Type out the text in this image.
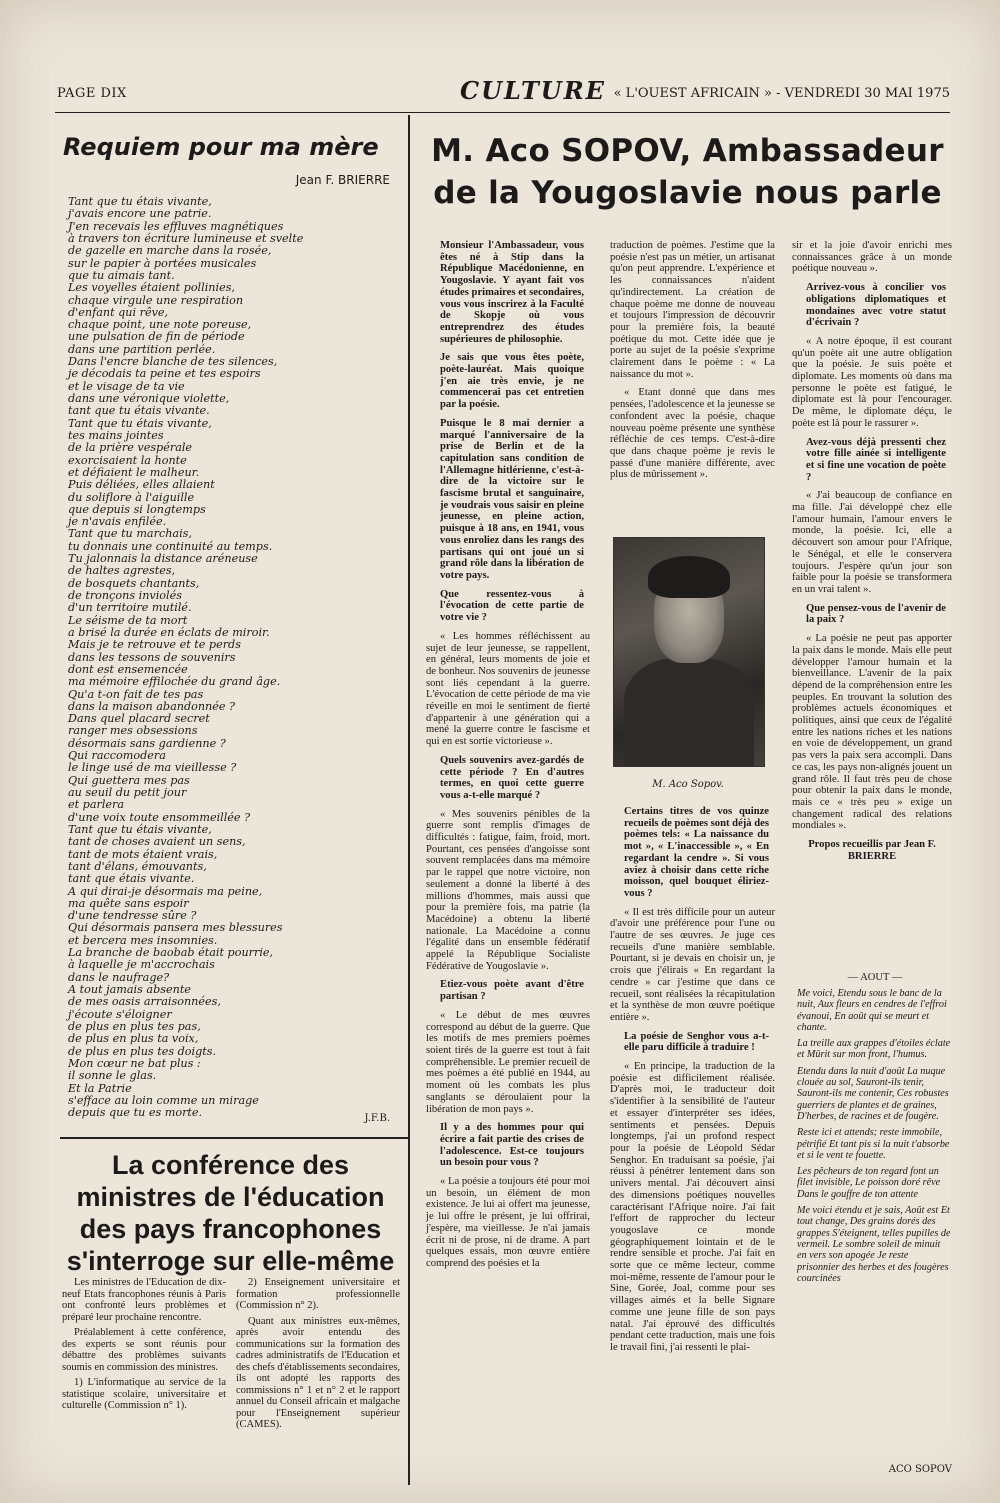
PAGE DIX	CULTURE « L'OUEST AFRICAIN » - VENDREDI 30 MAI 1975
Requiem pour ma mère
Jean F. BRIERRE
Tant que tu étais vivante,
j'avais encore une patrie.
J'en recevais les effluves magnétiques
à travers ton écriture lumineuse et svelte
de gazelle en marche dans la rosée,
sur le papier à portées musicales
que tu aimais tant.
Les voyelles étaient pollinies,
chaque virgule une respiration
d'enfant qui rêve,
chaque point, une note poreuse,
une pulsation de fin de période
dans une partition perlée.
Dans l'encre blanche de tes silences,
je décodais ta peine et tes espoirs
et le visage de ta vie
dans une véronique violette,
tant que tu étais vivante.
Tant que tu étais vivante,
tes mains jointes
de la prière vespérale
exorcisaient la honte
et défiaient le malheur.
Puis déliées, elles allaient
du soliflore à l'aiguille
que depuis si longtemps
je n'avais enfilée.
Tant que tu marchais,
tu donnais une continuité au temps.
Tu jalonnais la distance aréneuse
de haltes agrestes,
de bosquets chantants,
de tronçons inviolés
d'un territoire mutilé.
Le séisme de ta mort
a brisé la durée en éclats de miroir.
Mais je te retrouve et te perds
dans les tessons de souvenirs
dont est ensemencée
ma mémoire effilochée du grand âge.
Qu'a t-on fait de tes pas
dans la maison abandonnée ?
Dans quel placard secret
ranger mes obsessions
désormais sans gardienne ?
Qui raccomodera
le linge usé de ma vieillesse ?
Qui guettera mes pas
au seuil du petit jour
et parlera
d'une voix toute ensommeillée ?
Tant que tu étais vivante,
tant de choses avaient un sens,
tant de mots étaient vrais,
tant d'élans, émouvants,
tant que étais vivante.
A qui dirai-je désormais ma peine,
ma quête sans espoir
d'une tendresse sûre ?
Qui désormais pansera mes blessures
et bercera mes insomnies.
La branche de baobab était pourrie,
à laquelle je m'accrochais
dans le naufrage?
A tout jamais absente
de mes oasis arraisonnées,
j'écoute s'éloigner
de plus en plus tes pas,
de plus en plus ta voix,
de plus en plus tes doigts.
Mon cœur ne bat plus :
il sonne le glas.
Et la Patrie
s'efface au loin comme un mirage
depuis que tu es morte.	J.F.B.
La conférence des ministres de l'éducation des pays francophones s'interroge sur elle-même

Les ministres de l'Education de dix-neuf Etats francophones réunis à Paris ont confronté leurs problèmes et préparé leur prochaine rencontre.

Préalablement à cette conférence, des experts se sont réunis pour débattre des problèmes suivants soumis en commission des ministres.

1) L'informatique au service de la statistique scolaire, universitaire et culturelle (Commission n° 1).

2) Enseignement universitaire et formation professionnelle (Commission n° 2).

Quant aux ministres eux-mêmes, après avoir entendu des communications sur la formation des cadres administratifs de l'Education et des chefs d'établissements secondaires, ils ont adopté les rapports des commissions n° 1 et n° 2 et le rapport annuel du Conseil africain et malgache pour l'Enseignement supérieur (CAMES).

M. Aco SOPOV, Ambassadeur de la Yougoslavie nous parle

Monsieur l'Ambassadeur, vous êtes né à Stip dans la République Macédonienne, en Yougoslavie. Y ayant fait vos études primaires et secondaires, vous vous inscrirez à la Faculté de Skopje où vous entreprendrez des études supérieures de philosophie.

Je sais que vous êtes poète, poète-lauréat. Mais quoique j'en aie très envie, je ne commencerai pas cet entretien par la poésie.

Puisque le 8 mai dernier a marqué l'anniversaire de la prise de Berlin et de la capitulation sans condition de l'Allemagne hitlérienne, c'est-à-dire de la victoire sur le fascisme brutal et sanguinaire, je voudrais vous saisir en pleine jeunesse, en pleine action, puisque à 18 ans, en 1941, vous vous enroliez dans les rangs des partisans qui ont joué un si grand rôle dans la libération de votre pays.

Que ressentez-vous à l'évocation de cette partie de votre vie ?

« Les hommes réfléchissent au sujet de leur jeunesse, se rappellent, en général, leurs moments de joie et de bonheur. Nos souvenirs de jeunesse sont liés cependant à la guerre. L'évocation de cette période de ma vie réveille en moi le sentiment de fierté d'appartenir à une génération qui a mené la guerre contre le fascisme et qui en est sortie victorieuse ».

Quels souvenirs avez-gardés de cette période ? En d'autres termes, en quoi cette guerre vous a-t-elle marqué ?

« Mes souvenirs pénibles de la guerre sont remplis d'images de difficultés : fatigue, faim, froid, mort. Pourtant, ces pensées d'angoisse sont souvent remplacées dans ma mémoire par le rappel que notre victoire, non seulement a donné la liberté à des millions d'hommes, mais aussi que pour la première fois, ma patrie (la Macédoine) a obtenu la liberté nationale. La Macédoine a connu l'égalité dans un ensemble fédératif appelé la République Socialiste Fédérative de Yougoslavie ».

Etiez-vous poète avant d'être partisan ?

« Le début de mes œuvres correspond au début de la guerre. Que les motifs de mes premiers poèmes soient tirés de la guerre est tout à fait compréhensible. Le premier recueil de mes poèmes a été publié en 1944, au moment où les combats les plus sanglants se déroulaient pour la libération de mon pays ».

Il y a des hommes pour qui écrire a fait partie des crises de l'adolescence. Est-ce toujours un besoin pour vous ?

« La poésie a toujours été pour moi un besoin, un élément de mon existence. Je lui ai offert ma jeunesse, je lui offre le présent, je lui offrirai, j'espère, ma vieillesse. Je n'ai jamais écrit ni de prose, ni de drame. A part quelques essais, mon œuvre entière comprend des poésies et la

traduction de poèmes. J'estime que la poésie n'est pas un métier, un artisanat qu'on peut apprendre. L'expérience et les connaissances n'aident qu'indirectement. La création de chaque poème me donne de nouveau et toujours l'impression de découvrir pour la première fois, la beauté poétique du mot. Cette idée que je porte au sujet de la poésie s'exprime clairement dans le poème : « La naissance du mot ».

« Etant donné que dans mes pensées, l'adolescence et la jeunesse se confondent avec la poésie, chaque nouveau poème présente une synthèse réfléchie de ces temps. C'est-à-dire que dans chaque poème je revis le passé d'une manière différente, avec plus de mûrissement ».

M. Aco Sopov.

Certains titres de vos quinze recueils de poèmes sont déjà des poèmes tels: « La naissance du mot », « L'inaccessible », « En regardant la cendre ». Si vous aviez à choisir dans cette riche moisson, quel bouquet éliriez-vous ?

« Il est très difficile pour un auteur d'avoir une préférence pour l'une ou l'autre de ses œuvres. Je juge ces recueils d'une manière semblable. Pourtant, si je devais en choisir un, je crois que j'élirais « En regardant la cendre » car j'estime que dans ce recueil, sont réalisées la récapitulation et la synthèse de mon œuvre poétique entière ».

La poésie de Senghor vous a-t-elle paru difficile à traduire !

« En principe, la traduction de la poésie est difficilement réalisée. D'après moi, le traducteur doit s'identifier à la sensibilité de l'auteur et essayer d'interpréter ses idées, sentiments et pensées. Depuis longtemps, j'ai un profond respect pour la poésie de Léopold Sédar Senghor. En traduisant sa poésie, j'ai réussi à pénétrer lentement dans son univers mental. J'ai découvert ainsi des dimensions poétiques nouvelles caractérisant l'Afrique noire. J'ai fait l'effort de rapprocher du lecteur yougoslave ce monde géographiquement lointain et de le rendre sensible et proche. J'ai fait en sorte que ce même lecteur, comme moi-même, ressente de l'amour pour le Sine, Gorée, Joal, comme pour ses villages aimés et la belle Signare comme une jeune fille de son pays natal. J'ai éprouvé des difficultés pendant cette traduction, mais une fois le travail fini, j'ai ressenti le plai-

sir et la joie d'avoir enrichi mes connaissances grâce à un monde poétique nouveau ».

Arrivez-vous à concilier vos obligations diplomatiques et mondaines avec votre statut d'écrivain ?

« A notre époque, il est courant qu'un poète ait une autre obligation que la poésie. Je suis poète et diplomate. Les moments où dans ma personne le poète est fatigué, le diplomate est là pour l'encourager. De même, le diplomate déçu, le poète est là pour le rassurer ».

Avez-vous déjà pressenti chez votre fille ainée si intelligente et si fine une vocation de poète ?

« J'ai beaucoup de confiance en ma fille. J'ai développé chez elle l'amour humain, l'amour envers le monde, la poésie. Ici, elle a découvert son amour pour l'Afrique, le Sénégal, et elle le conservera toujours. J'espère qu'un jour son faible pour la poésie se transformera en un vrai talent ».

Que pensez-vous de l'avenir de la paix ?

« La poésie ne peut pas apporter la paix dans le monde. Mais elle peut développer l'amour humain et la bienveillance. L'avenir de la paix dépend de la compréhension entre les peuples. En trouvant la solution des problèmes actuels économiques et politiques, ainsi que ceux de l'égalité entre les nations riches et les nations en voie de développement, un grand pas vers la paix sera accompli. Dans ce cas, les pays non-alignés jouent un grand rôle. Il faut très peu de chose pour obtenir la paix dans le monde, mais ce « très peu » exige un changement radical des relations mondiales ».

Propos recueillis par Jean F. BRIERRE

— AOUT —
Me voici, Etendu sous le banc de la nuit, Aux fleurs en cendres de l'effroi évanoui, En août qui se meurt et chante.
La treille aux grappes d'étoiles éclate et Mûrit sur mon front, l'humus.
Etendu dans la nuit d'août La nuque clouée au sol, Sauront-ils tenir, Sauront-ils me contenir, Ces robustes guerriers de plantes et de graines, D'herbes, de racines et de fougère.
Reste ici et attends; reste immobile, pétrifié Et tant pis si la nuit t'absorbe et si le vent te fouette.
Les pêcheurs de ton regard font un filet invisible, Le poisson doré rêve Dans le gouffre de ton attente
Me voici étendu et je sais, Août est Et tout change, Des grains dorés des grappes S'éteignent, telles pupilles de vermeil. Le sombre soleil de minuit en vers son apogée Je reste prisonnier des herbes et des fougères courcinées
ACO SOPOV
